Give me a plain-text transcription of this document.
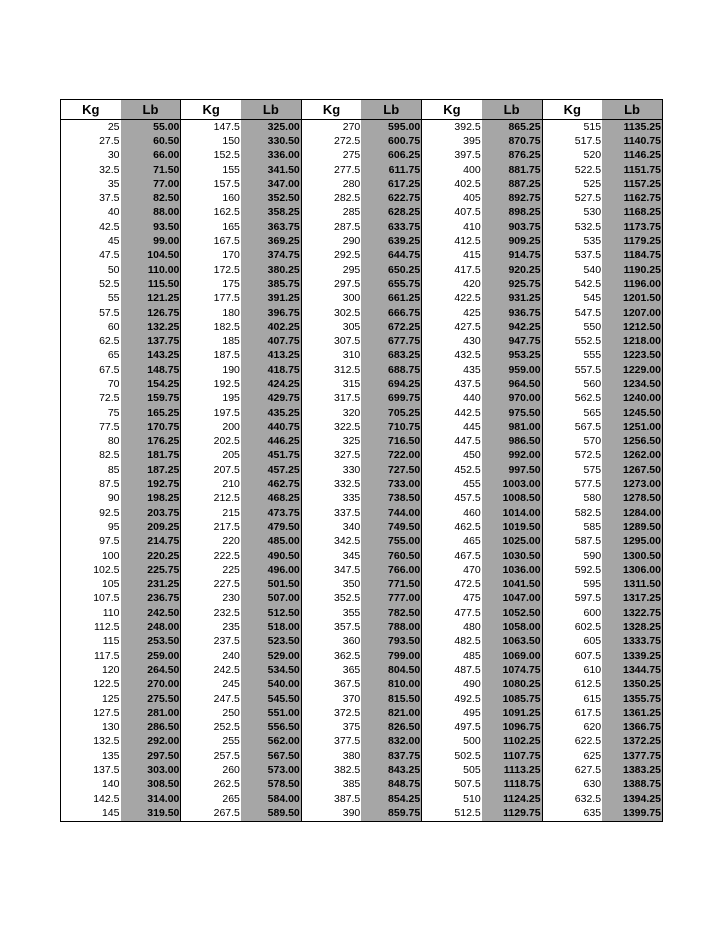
Kg	Lb	Kg	Lb	Kg	Lb	Kg	Lb	Kg	Lb
25	55.00	147.5	325.00	270	595.00	392.5	865.25	515	1135.25
27.5	60.50	150	330.50	272.5	600.75	395	870.75	517.5	1140.75
30	66.00	152.5	336.00	275	606.25	397.5	876.25	520	1146.25
32.5	71.50	155	341.50	277.5	611.75	400	881.75	522.5	1151.75
35	77.00	157.5	347.00	280	617.25	402.5	887.25	525	1157.25
37.5	82.50	160	352.50	282.5	622.75	405	892.75	527.5	1162.75
40	88.00	162.5	358.25	285	628.25	407.5	898.25	530	1168.25
42.5	93.50	165	363.75	287.5	633.75	410	903.75	532.5	1173.75
45	99.00	167.5	369.25	290	639.25	412.5	909.25	535	1179.25
47.5	104.50	170	374.75	292.5	644.75	415	914.75	537.5	1184.75
50	110.00	172.5	380.25	295	650.25	417.5	920.25	540	1190.25
52.5	115.50	175	385.75	297.5	655.75	420	925.75	542.5	1196.00
55	121.25	177.5	391.25	300	661.25	422.5	931.25	545	1201.50
57.5	126.75	180	396.75	302.5	666.75	425	936.75	547.5	1207.00
60	132.25	182.5	402.25	305	672.25	427.5	942.25	550	1212.50
62.5	137.75	185	407.75	307.5	677.75	430	947.75	552.5	1218.00
65	143.25	187.5	413.25	310	683.25	432.5	953.25	555	1223.50
67.5	148.75	190	418.75	312.5	688.75	435	959.00	557.5	1229.00
70	154.25	192.5	424.25	315	694.25	437.5	964.50	560	1234.50
72.5	159.75	195	429.75	317.5	699.75	440	970.00	562.5	1240.00
75	165.25	197.5	435.25	320	705.25	442.5	975.50	565	1245.50
77.5	170.75	200	440.75	322.5	710.75	445	981.00	567.5	1251.00
80	176.25	202.5	446.25	325	716.50	447.5	986.50	570	1256.50
82.5	181.75	205	451.75	327.5	722.00	450	992.00	572.5	1262.00
85	187.25	207.5	457.25	330	727.50	452.5	997.50	575	1267.50
87.5	192.75	210	462.75	332.5	733.00	455	1003.00	577.5	1273.00
90	198.25	212.5	468.25	335	738.50	457.5	1008.50	580	1278.50
92.5	203.75	215	473.75	337.5	744.00	460	1014.00	582.5	1284.00
95	209.25	217.5	479.50	340	749.50	462.5	1019.50	585	1289.50
97.5	214.75	220	485.00	342.5	755.00	465	1025.00	587.5	1295.00
100	220.25	222.5	490.50	345	760.50	467.5	1030.50	590	1300.50
102.5	225.75	225	496.00	347.5	766.00	470	1036.00	592.5	1306.00
105	231.25	227.5	501.50	350	771.50	472.5	1041.50	595	1311.50
107.5	236.75	230	507.00	352.5	777.00	475	1047.00	597.5	1317.25
110	242.50	232.5	512.50	355	782.50	477.5	1052.50	600	1322.75
112.5	248.00	235	518.00	357.5	788.00	480	1058.00	602.5	1328.25
115	253.50	237.5	523.50	360	793.50	482.5	1063.50	605	1333.75
117.5	259.00	240	529.00	362.5	799.00	485	1069.00	607.5	1339.25
120	264.50	242.5	534.50	365	804.50	487.5	1074.75	610	1344.75
122.5	270.00	245	540.00	367.5	810.00	490	1080.25	612.5	1350.25
125	275.50	247.5	545.50	370	815.50	492.5	1085.75	615	1355.75
127.5	281.00	250	551.00	372.5	821.00	495	1091.25	617.5	1361.25
130	286.50	252.5	556.50	375	826.50	497.5	1096.75	620	1366.75
132.5	292.00	255	562.00	377.5	832.00	500	1102.25	622.5	1372.25
135	297.50	257.5	567.50	380	837.75	502.5	1107.75	625	1377.75
137.5	303.00	260	573.00	382.5	843.25	505	1113.25	627.5	1383.25
140	308.50	262.5	578.50	385	848.75	507.5	1118.75	630	1388.75
142.5	314.00	265	584.00	387.5	854.25	510	1124.25	632.5	1394.25
145	319.50	267.5	589.50	390	859.75	512.5	1129.75	635	1399.75
